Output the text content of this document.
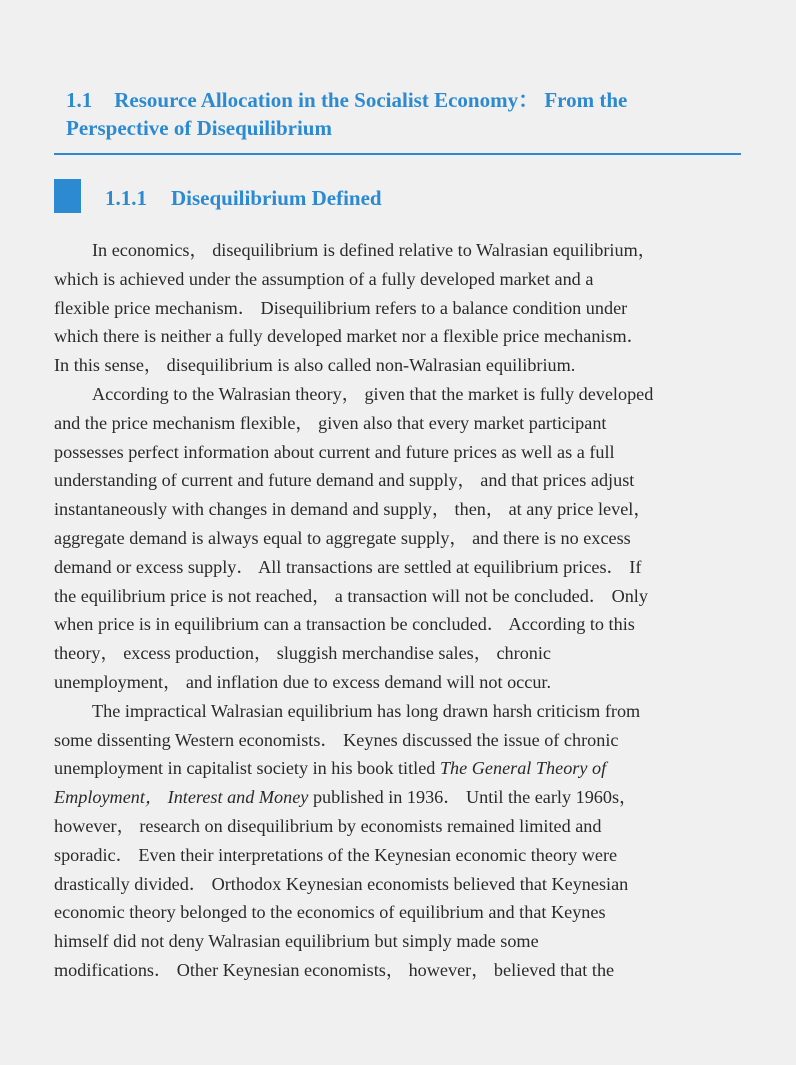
1.1 Resource Allocation in the Socialist Economy： From the
Perspective of Disequilibrium
1.1.1 Disequilibrium Defined
In economics， disequilibrium is defined relative to Walrasian equilibrium，
which is achieved under the assumption of a fully developed market and a
flexible price mechanism． Disequilibrium refers to a balance condition under
which there is neither a fully developed market nor a flexible price mechanism．
In this sense， disequilibrium is also called non-Walrasian equilibrium.
According to the Walrasian theory， given that the market is fully developed
and the price mechanism flexible， given also that every market participant
possesses perfect information about current and future prices as well as a full
understanding of current and future demand and supply， and that prices adjust
instantaneously with changes in demand and supply， then， at any price level，
aggregate demand is always equal to aggregate supply， and there is no excess
demand or excess supply． All transactions are settled at equilibrium prices． If
the equilibrium price is not reached， a transaction will not be concluded． Only
when price is in equilibrium can a transaction be concluded． According to this
theory， excess production， sluggish merchandise sales， chronic
unemployment， and inflation due to excess demand will not occur.
The impractical Walrasian equilibrium has long drawn harsh criticism from
some dissenting Western economists． Keynes discussed the issue of chronic
unemployment in capitalist society in his book titled The General Theory of
Employment， Interest and Money published in 1936． Until the early 1960s，
however， research on disequilibrium by economists remained limited and
sporadic． Even their interpretations of the Keynesian economic theory were
drastically divided． Orthodox Keynesian economists believed that Keynesian
economic theory belonged to the economics of equilibrium and that Keynes
himself did not deny Walrasian equilibrium but simply made some
modifications． Other Keynesian economists， however， believed that the
